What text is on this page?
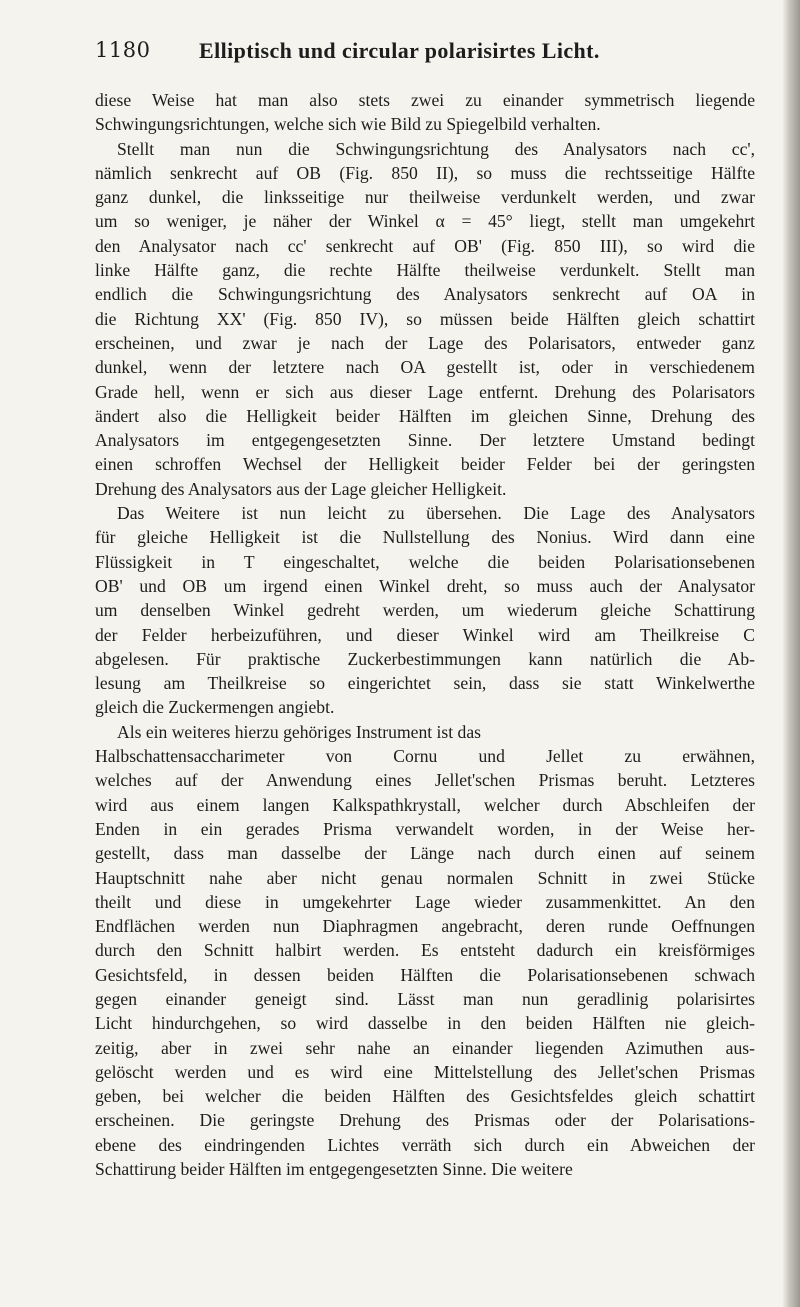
1180 Elliptisch und circular polarisirtes Licht.
diese Weise hat man also stets zwei zu einander symmetrisch liegende
Schwingungsrichtungen, welche sich wie Bild zu Spiegelbild verhalten.
Stellt man nun die Schwingungsrichtung des Analysators nach cc',
nämlich senkrecht auf OB (Fig. 850 II), so muss die rechtsseitige Hälfte
ganz dunkel, die linksseitige nur theilweise verdunkelt werden, und zwar
um so weniger, je näher der Winkel α = 45° liegt, stellt man umgekehrt
den Analysator nach cc' senkrecht auf OB' (Fig. 850 III), so wird die
linke Hälfte ganz, die rechte Hälfte theilweise verdunkelt. Stellt man
endlich die Schwingungsrichtung des Analysators senkrecht auf OA in
die Richtung XX' (Fig. 850 IV), so müssen beide Hälften gleich schattirt
erscheinen, und zwar je nach der Lage des Polarisators, entweder ganz
dunkel, wenn der letztere nach OA gestellt ist, oder in verschiedenem
Grade hell, wenn er sich aus dieser Lage entfernt. Drehung des Polarisators
ändert also die Helligkeit beider Hälften im gleichen Sinne, Drehung des
Analysators im entgegengesetzten Sinne. Der letztere Umstand bedingt
einen schroffen Wechsel der Helligkeit beider Felder bei der geringsten
Drehung des Analysators aus der Lage gleicher Helligkeit.
Das Weitere ist nun leicht zu übersehen. Die Lage des Analysators
für gleiche Helligkeit ist die Nullstellung des Nonius. Wird dann eine
Flüssigkeit in T eingeschaltet, welche die beiden Polarisationsebenen
OB' und OB um irgend einen Winkel dreht, so muss auch der Analysator
um denselben Winkel gedreht werden, um wiederum gleiche Schattirung
der Felder herbeizuführen, und dieser Winkel wird am Theilkreise C
abgelesen. Für praktische Zuckerbestimmungen kann natürlich die Ab-
lesung am Theilkreise so eingerichtet sein, dass sie statt Winkelwerthe
gleich die Zuckermengen angiebt.
Als ein weiteres hierzu gehöriges Instrument ist das
Halbschattensaccharimeter von Cornu und Jellet zu erwähnen,
welches auf der Anwendung eines Jellet'schen Prismas beruht. Letzteres
wird aus einem langen Kalkspathkrystall, welcher durch Abschleifen der
Enden in ein gerades Prisma verwandelt worden, in der Weise her-
gestellt, dass man dasselbe der Länge nach durch einen auf seinem
Hauptschnitt nahe aber nicht genau normalen Schnitt in zwei Stücke
theilt und diese in umgekehrter Lage wieder zusammenkittet. An den
Endflächen werden nun Diaphragmen angebracht, deren runde Oeffnungen
durch den Schnitt halbirt werden. Es entsteht dadurch ein kreisförmiges
Gesichtsfeld, in dessen beiden Hälften die Polarisationsebenen schwach
gegen einander geneigt sind. Lässt man nun geradlinig polarisirtes
Licht hindurchgehen, so wird dasselbe in den beiden Hälften nie gleich-
zeitig, aber in zwei sehr nahe an einander liegenden Azimuthen aus-
gelöscht werden und es wird eine Mittelstellung des Jellet'schen Prismas
geben, bei welcher die beiden Hälften des Gesichtsfeldes gleich schattirt
erscheinen. Die geringste Drehung des Prismas oder der Polarisations-
ebene des eindringenden Lichtes verräth sich durch ein Abweichen der
Schattirung beider Hälften im entgegengesetzten Sinne. Die weitere
